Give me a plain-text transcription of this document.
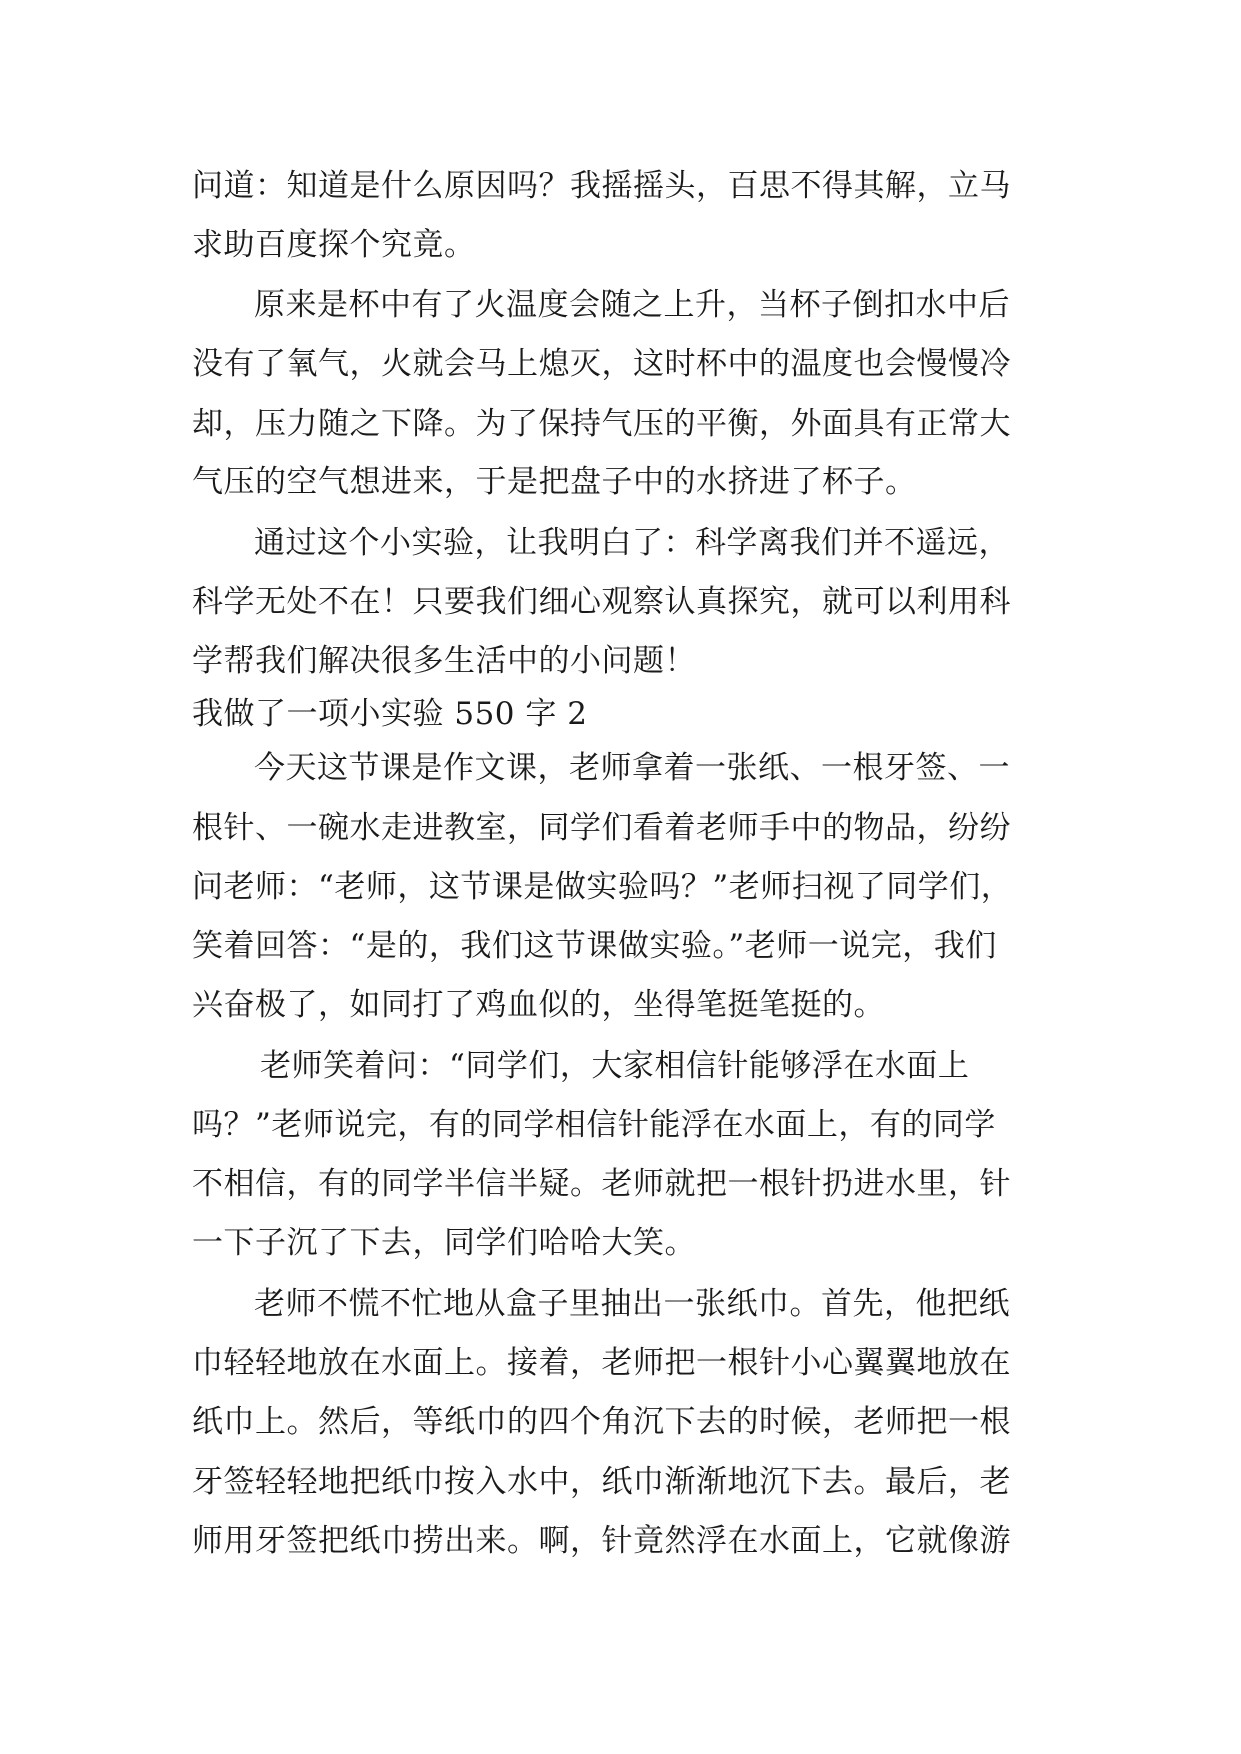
问道：知道是什么原因吗？我摇摇头，百思不得其解，立马
求助百度探个究竟。
原来是杯中有了火温度会随之上升，当杯子倒扣水中后
没有了氧气，火就会马上熄灭，这时杯中的温度也会慢慢冷
却，压力随之下降。为了保持气压的平衡，外面具有正常大
气压的空气想进来，于是把盘子中的水挤进了杯子。
通过这个小实验，让我明白了：科学离我们并不遥远，
科学无处不在！只要我们细心观察认真探究，就可以利用科
学帮我们解决很多生活中的小问题！
我做了一项小实验 550 字 2
今天这节课是作文课，老师拿着一张纸、一根牙签、一
根针、一碗水走进教室，同学们看着老师手中的物品，纷纷
问老师：“老师，这节课是做实验吗？”老师扫视了同学们，
笑着回答：“是的，我们这节课做实验。”老师一说完，我们
兴奋极了，如同打了鸡血似的，坐得笔挺笔挺的。
老师笑着问：“同学们，大家相信针能够浮在水面上
吗？”老师说完，有的同学相信针能浮在水面上，有的同学
不相信，有的同学半信半疑。老师就把一根针扔进水里，针
一下子沉了下去，同学们哈哈大笑。
老师不慌不忙地从盒子里抽出一张纸巾。首先，他把纸
巾轻轻地放在水面上。接着，老师把一根针小心翼翼地放在
纸巾上。然后，等纸巾的四个角沉下去的时候，老师把一根
牙签轻轻地把纸巾按入水中，纸巾渐渐地沉下去。最后，老
师用牙签把纸巾捞出来。啊，针竟然浮在水面上，它就像游
